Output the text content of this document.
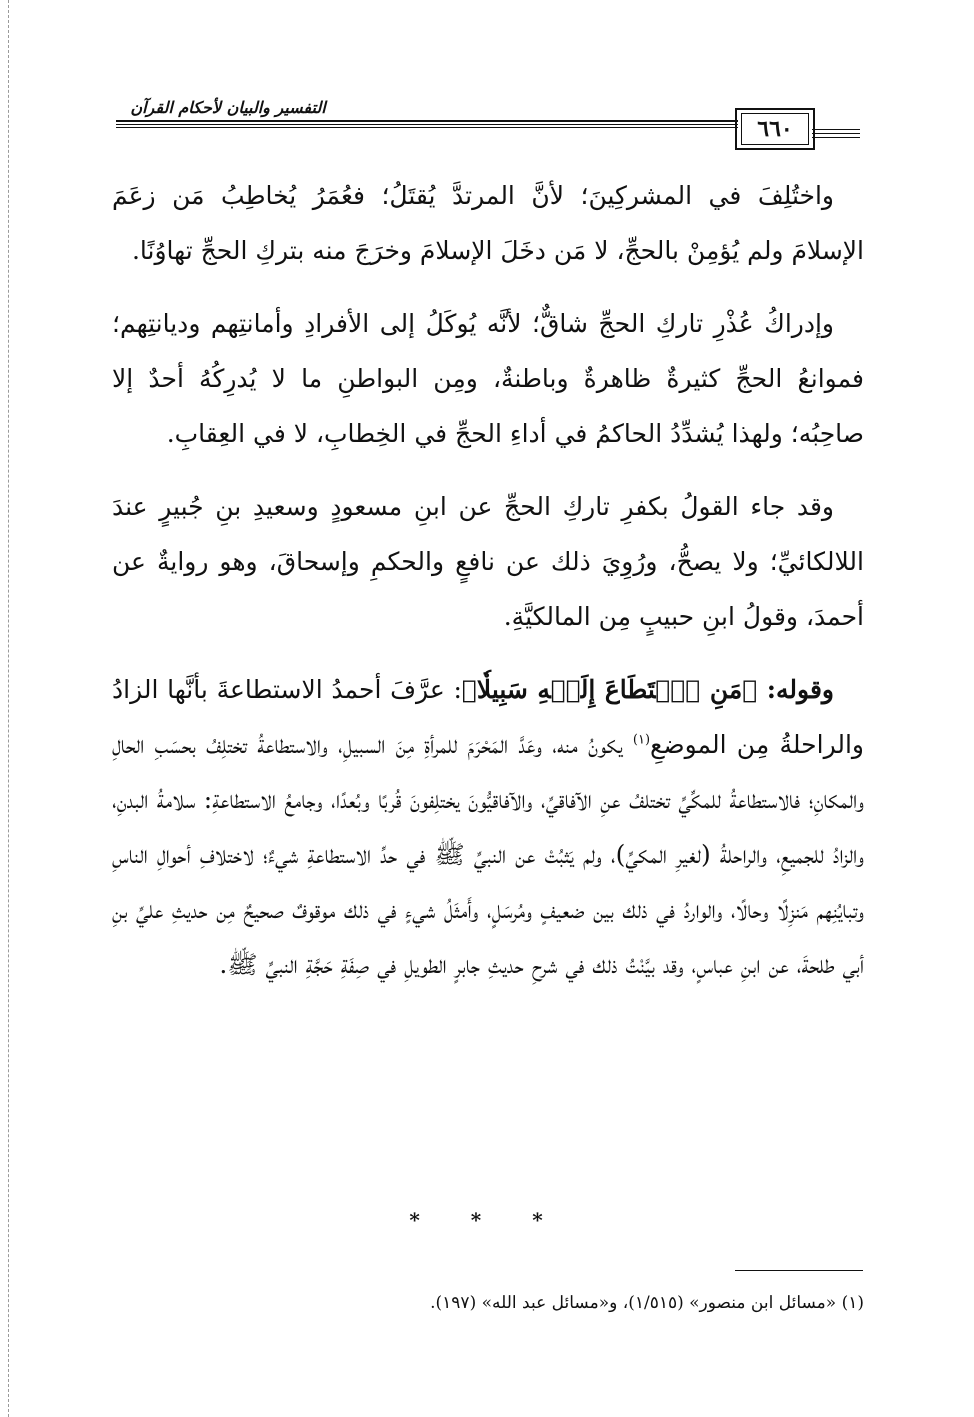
التفسير والبيان لأحكام القرآن
٦٦٠

واختُلِفَ في المشركِينَ؛ لأنَّ المرتدَّ يُقتَلُ؛ فعُمَرُ يُخاطِبُ مَن زعَمَ الإسلامَ ولم يُؤمِنْ بالحجِّ، لا مَن دخَلَ الإسلامَ وخرَجَ منه بتركِ الحجِّ تهاوُنًا.

وإدراكُ عُذْرِ تاركِ الحجِّ شاقٌّ؛ لأنَّه يُوكَلُ إلى الأفرادِ وأمانتِهم وديانتِهم؛ فموانعُ الحجِّ كثيرةٌ ظاهرةٌ وباطنةٌ، ومِن البواطنِ ما لا يُدرِكُهُ أحدٌ إلا صاحِبُه؛ ولهذا يُشدِّدُ الحاكمُ في أداءِ الحجِّ في الخِطابِ، لا في العِقابِ.

وقد جاء القولُ بكفرِ تاركِ الحجِّ عن ابنِ مسعودٍ وسعيدِ بنِ جُبيرٍ عندَ اللالكائيِّ؛ ولا يصحُّ، ورُوِيَ ذلك عن نافعٍ والحكمِ وإسحاقَ، وهو روايةٌ عن أحمدَ، وقولُ ابنِ حبيبٍ مِن المالكيَّةِ.

وقوله: ﴿مَنِ ٱسۡتَطَاعَ إِلَيۡهِ سَبِيلٗا﴾: عرَّفَ أحمدُ الاستطاعةَ بأنَّها الزادُ والراحلةُ مِن الموضعِ$^{(١)}$ يكونُ منه، وعَدَّ المَحْرَمَ للمرأةِ مِنَ السبيلِ، والاستطاعةُ تختلِفُ بحسَبِ الحالِ والمكانِ؛ فالاستطاعةُ للمكِّيِّ تختلفُ عنِ الآفاقيِّ، والآفاقيُّونَ يختلِفونَ قُربًا وبُعدًا، وجامعُ الاستطاعةِ: سلامةُ البدنِ، والزادُ للجميعِ، والراحلةُ (لغيرِ المكيِّ)، ولم يَثبُتْ عن النبيِّ ﷺ في حدِّ الاستطاعةِ شيءٌ؛ لاختلافِ أحوالِ الناسِ وتبايُنِهم مَنزِلًا وحالًا، والواردُ في ذلك بين ضعيفٍ ومُرسَلٍ، وأَمثَلُ شيءٍ في ذلك موقوفٌ صحيحٌ مِن حديثِ عليِّ بنِ أبي طلحةَ، عن ابنِ عباسٍ، وقد بيَّنْتُ ذلك في شرحِ حديثِ جابرٍ الطويلِ في صِفَةِ حَجَّةِ النبيِّ ﷺ.

* * *
(١) «مسائل ابن منصور» (١/٥١٥)، و«مسائل عبد الله» (١٩٧).
